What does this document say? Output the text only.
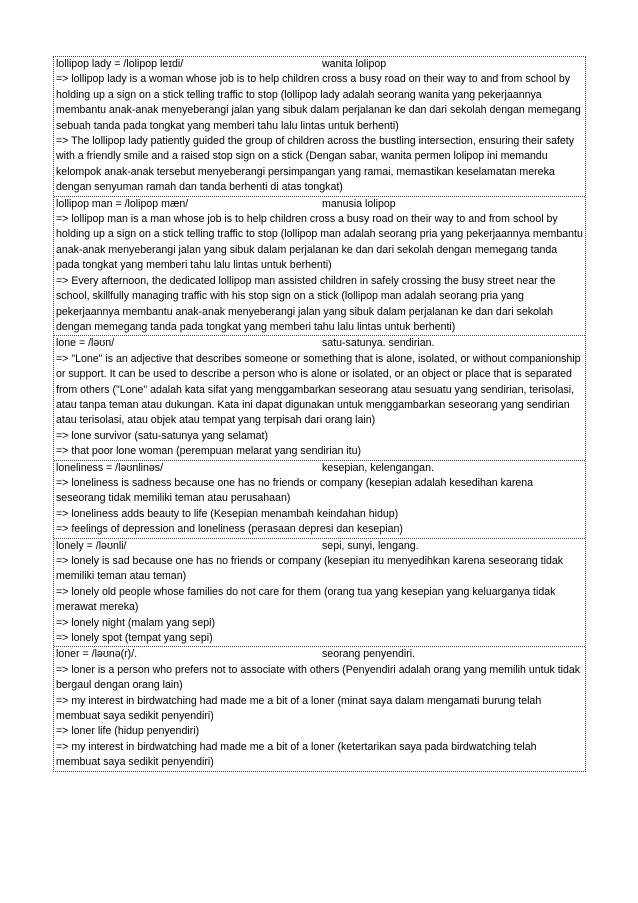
lollipop lady = /lolipop leɪdi/	wanita lolipop
=> lollipop lady is a woman whose job is to help children cross a busy road on their way to and from school by holding up a sign on a stick telling traffic to stop (lollipop lady adalah seorang wanita yang pekerjaannya membantu anak-anak menyeberangi jalan yang sibuk dalam perjalanan ke dan dari sekolah dengan memegang sebuah tanda pada tongkat yang memberi tahu lalu lintas untuk berhenti)
=> The lollipop lady patiently guided the group of children across the bustling intersection, ensuring their safety with a friendly smile and a raised stop sign on a stick (Dengan sabar, wanita permen lolipop ini memandu kelompok anak-anak tersebut menyeberangi persimpangan yang ramai, memastikan keselamatan mereka dengan senyuman ramah dan tanda berhenti di atas tongkat)
lollipop man = /lolipop mæn/	manusia lolipop
=> lollipop man is a man whose job is to help children cross a busy road on their way to and from school by holding up a sign on a stick telling traffic to stop (lollipop man adalah seorang pria yang pekerjaannya membantu anak-anak menyeberangi jalan yang sibuk dalam perjalanan ke dan dari sekolah dengan memegang tanda pada tongkat yang memberi tahu lalu lintas untuk berhenti)
=> Every afternoon, the dedicated lollipop man assisted children in safely crossing the busy street near the school, skillfully managing traffic with his stop sign on a stick (lollipop man adalah seorang pria yang pekerjaannya membantu anak-anak menyeberangi jalan yang sibuk dalam perjalanan ke dan dari sekolah dengan memegang tanda pada tongkat yang memberi tahu lalu lintas untuk berhenti)
lone = /ləʊn/	satu-satunya. sendirian.
=> "Lone" is an adjective that describes someone or something that is alone, isolated, or without companionship or support. It can be used to describe a person who is alone or isolated, or an object or place that is separated from others ("Lone" adalah kata sifat yang menggambarkan seseorang atau sesuatu yang sendirian, terisolasi, atau tanpa teman atau dukungan. Kata ini dapat digunakan untuk menggambarkan seseorang yang sendirian atau terisolasi, atau objek atau tempat yang terpisah dari orang lain)
=> lone survivor (satu-satunya yang selamat)
=> that poor lone woman (perempuan melarat yang sendirian itu)
loneliness = /ləʊnlinəs/	kesepian, kelengangan.
=> loneliness is sadness because one has no friends or company (kesepian adalah kesedihan karena seseorang tidak memiliki teman atau perusahaan)
=> loneliness adds beauty to life (Kesepian menambah keindahan hidup)
=> feelings of depression and loneliness (perasaan depresi dan kesepian)
lonely = /ləʊnli/	sepi, sunyi, lengang.
=> lonely is sad because one has no friends or company (kesepian itu menyedihkan karena seseorang tidak memiliki teman atau teman)
=> lonely old people whose families do not care for them (orang tua yang kesepian yang keluarganya tidak merawat mereka)
=> lonely night (malam yang sepi)
=> lonely spot (tempat yang sepi)
loner = /ləʊnə(r)/.	seorang penyendiri.
=> loner is a person who prefers not to associate with others (Penyendiri adalah orang yang memilih untuk tidak bergaul dengan orang lain)
=> my interest in birdwatching had made me a bit of a loner (minat saya dalam mengamati burung telah membuat saya sedikit penyendiri)
=> loner life (hidup penyendiri)
=> my interest in birdwatching had made me a bit of a loner (ketertarikan saya pada birdwatching telah membuat saya sedikit penyendiri)
